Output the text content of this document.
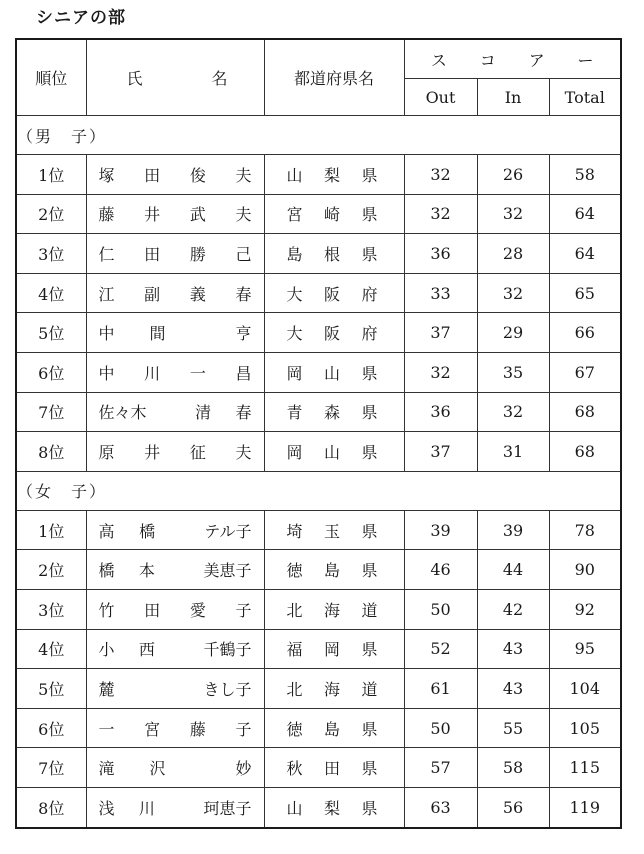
シニアの部
順位	氏 名	都道府県名	ス コ ア ー		

			Out	In	Total
（男　子）					
1位	塚 田 俊 夫	山 梨 県	32	26	58
2位	藤 井 武 夫	宮 崎 県	32	32	64
3位	仁 田 勝 己	島 根 県	36	28	64
4位	江 副 義 春	大 阪 府	33	32	65
5位	中 間 亨	大 阪 府	37	29	66
6位	中 川 一 昌	岡 山 県	32	35	67
7位	佐々木 清 春	青 森 県	36	32	68
8位	原 井 征 夫	岡 山 県	37	31	68
（女　子）					
1位	高 橋 テル子	埼 玉 県	39	39	78
2位	橋 本 美恵子	徳 島 県	46	44	90
3位	竹 田 愛 子	北 海 道	50	42	92
4位	小 西 千鶴子	福 岡 県	52	43	95
5位	麓 きし子	北 海 道	61	43	104
6位	一 宮 藤 子	徳 島 県	50	55	105
7位	滝 沢 妙	秋 田 県	57	58	115
8位	浅 川 珂恵子	山 梨 県	63	56	119
